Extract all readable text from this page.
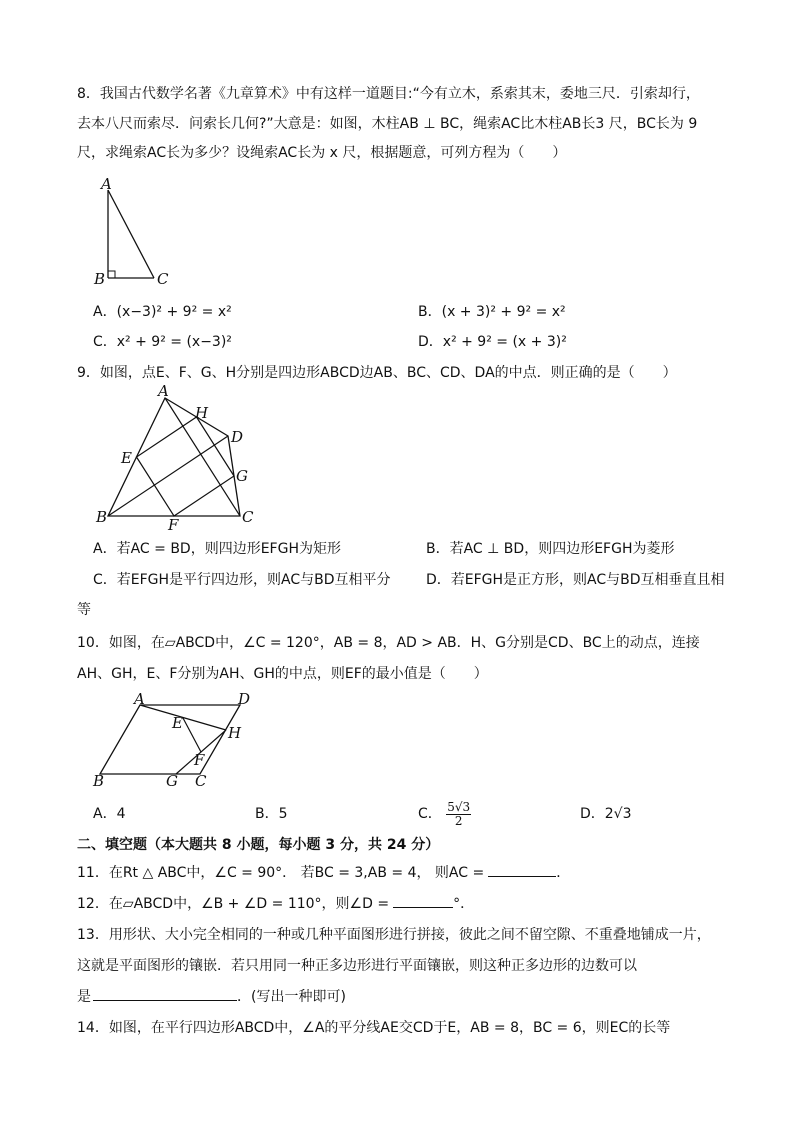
8．我国古代数学名著《九章算术》中有这样一道题目:“今有立木，系索其末，委地三尺．引索却行，
去本八尺而索尽．问索长几何?”大意是：如图，木柱AB ⊥ BC，绳索AC比木柱AB长3 尺，BC长为 9
尺，求绳索AC长为多少？设绳索AC长为 x 尺，根据题意，可列方程为（　　）
A
B	C
A．(x−3)² + 9² = x²	B．(x + 3)² + 9² = x²
C．x² + 9² = (x−3)²	D．x² + 9² = (x + 3)²
9．如图，点E、F、G、H分别是四边形ABCD边AB、BC、CD、DA的中点．则正确的是（　　）
A
B	C
D
E
F
G
H
A．若AC = BD，则四边形EFGH为矩形	B．若AC ⊥ BD，则四边形EFGH为菱形
C．若EFGH是平行四边形，则AC与BD互相平分	D．若EFGH是正方形，则AC与BD互相垂直且相
等
10．如图，在▱ABCD中，∠C = 120°，AB = 8，AD > AB．H、G分别是CD、BC上的动点，连接
AH、GH，E、F分别为AH、GH的中点，则EF的最小值是（　　）
A	D
B	C
G
H
E
F
A．4	B．5	C． $\frac{5√3}{2}$	D．2√3
二、填空题（本大题共 8 小题，每小题 3 分，共 24 分）
11．在Rt △ ABC中，∠C = 90°． 若BC = 3,AB = 4， 则AC =	．
12．在▱ABCD中，∠B + ∠D = 110°，则∠D =	°．
13．用形状、大小完全相同的一种或几种平面图形进行拼接，彼此之间不留空隙、不重叠地铺成一片，
这就是平面图形的镶嵌．若只用同一种正多边形进行平面镶嵌，则这种正多边形的边数可以
是	．(写出一种即可)
14．如图，在平行四边形ABCD中，∠A的平分线AE交CD于E，AB = 8，BC = 6，则EC的长等
